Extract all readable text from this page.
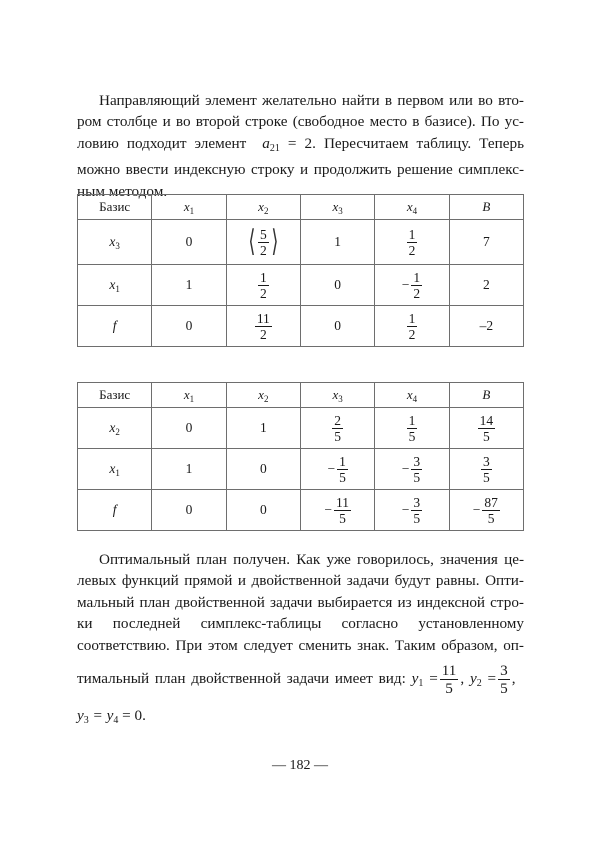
Направляющий элемент желательно найти в первом или во вто-
ром столбце и во второй строке (свободное место в базисе). По ус-
ловию подходит элемент $a_{21} = 2$. Пересчитаем таблицу. Теперь
можно ввести индексную строку и продолжить решение симплекс-
ным методом.
Базис	$x_1$	$x_2$	$x_3$	$x_4$	B
$x_3$	0	⟨ $\frac{5}{2}$ ⟩	1	$\frac{1}{2}$	7
$x_1$	1	$\frac{1}{2}$	0	− $\frac{1}{2}$	2
f	0	$\frac{11}{2}$	0	$\frac{1}{2}$	–2
Базис	$x_1$	$x_2$	$x_3$	$x_4$	B
$x_2$	0	1	$\frac{2}{5}$	$\frac{1}{5}$	$\frac{14}{5}$

$x_1$	1	0	− $\frac{1}{5}$	− $\frac{3}{5}$	$\frac{3}{5}$

f	0	0	− $\frac{11}{5}$	− $\frac{3}{5}$	− $\frac{87}{5}$
Оптимальный план получен. Как уже говорилось, значения це-
левых функций прямой и двойственной задачи будут равны. Опти-
мальный план двойственной задачи выбирается из индексной стро-
ки последней симплекс-таблицы согласно установленному
соответствию. При этом следует сменить знак. Таким образом, оп-
тимальный план двойственной задачи имеет вид: $y_1 = \frac{11}{5}$ , $y_2 = \frac{3}{5}$ ,
$y_3 = y_4 = 0$.
— 182 —
